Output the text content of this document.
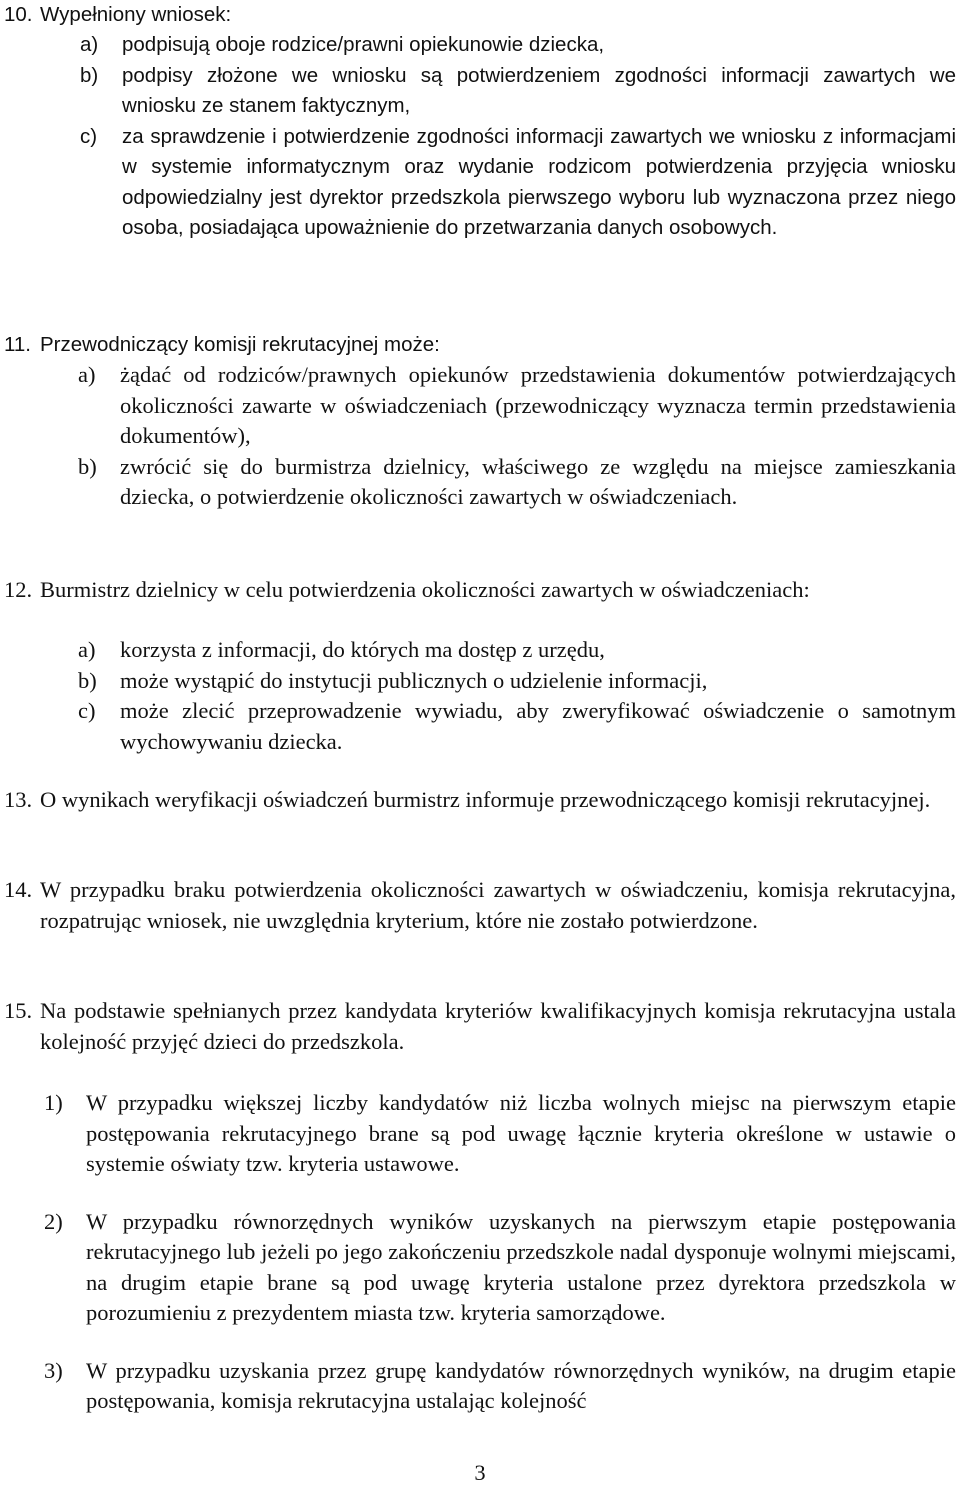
10. Wypełniony wniosek:
a) podpisują oboje rodzice/prawni opiekunowie dziecka,
b) podpisy złożone we wniosku są potwierdzeniem zgodności informacji zawartych we wniosku ze stanem faktycznym,
c) za sprawdzenie i potwierdzenie zgodności informacji zawartych we wniosku z informacjami w systemie informatycznym oraz wydanie rodzicom potwierdzenia przyjęcia wniosku odpowiedzialny jest dyrektor przedszkola pierwszego wyboru lub wyznaczona przez niego osoba, posiadająca upoważnienie do przetwarzania danych osobowych.
11. Przewodniczący komisji rekrutacyjnej może:
a) żądać od rodziców/prawnych opiekunów przedstawienia dokumentów potwierdzających okoliczności zawarte w oświadczeniach (przewodniczący wyznacza termin przedstawienia dokumentów),
b) zwrócić się do burmistrza dzielnicy, właściwego ze względu na miejsce zamieszkania dziecka, o potwierdzenie okoliczności zawartych w oświadczeniach.
12. Burmistrz dzielnicy w celu potwierdzenia okoliczności zawartych w oświadczeniach:
a) korzysta z informacji, do których ma dostęp z urzędu,
b) może wystąpić do instytucji publicznych o udzielenie informacji,
c) może zlecić przeprowadzenie wywiadu, aby zweryfikować oświadczenie o samotnym wychowywaniu dziecka.
13. O wynikach weryfikacji oświadczeń burmistrz informuje przewodniczącego komisji rekrutacyjnej.
14. W przypadku braku potwierdzenia okoliczności zawartych w oświadczeniu, komisja rekrutacyjna, rozpatrując wniosek, nie uwzględnia kryterium, które nie zostało potwierdzone.
15. Na podstawie spełnianych przez kandydata kryteriów kwalifikacyjnych komisja rekrutacyjna ustala kolejność przyjęć dzieci do przedszkola.
1) W przypadku większej liczby kandydatów niż liczba wolnych miejsc na pierwszym etapie postępowania rekrutacyjnego brane są pod uwagę łącznie kryteria określone w ustawie o systemie oświaty tzw. kryteria ustawowe.
2) W przypadku równorzędnych wyników uzyskanych na pierwszym etapie postępowania rekrutacyjnego lub jeżeli po jego zakończeniu przedszkole nadal dysponuje wolnymi miejscami, na drugim etapie brane są pod uwagę kryteria ustalone przez dyrektora przedszkola w porozumieniu z prezydentem miasta tzw. kryteria samorządowe.
3) W przypadku uzyskania przez grupę kandydatów równorzędnych wyników, na drugim etapie postępowania, komisja rekrutacyjna ustalając kolejność
3
